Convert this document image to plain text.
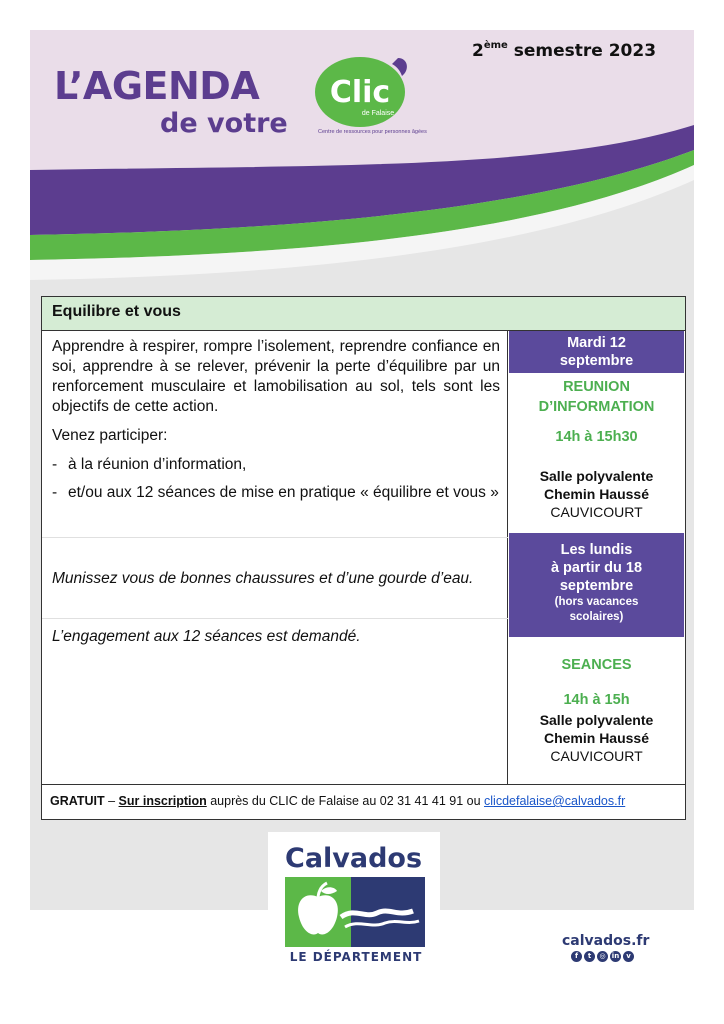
2ème semestre 2023
L’AGENDA
de votre
Clic
de Falaise
Centre de ressources pour personnes âgées
Equilibre et vous
Apprendre à respirer, rompre l’isolement, reprendre confiance en soi, apprendre à se relever, prévenir la perte d’équilibre par un renforcement musculaire et lamobilisation au sol, tels sont les objectifs de cette action.
Venez participer:
- à la réunion d’information,
- et/ou aux 12 séances de mise en pratique « équilibre et vous »
Munissez vous de bonnes chaussures et d’une gourde d’eau.
L’engagement aux 12 séances est demandé.
Mardi 12
septembre
REUNION
D’INFORMATION
14h à 15h30
Salle polyvalente
Chemin Haussé
CAUVICOURT
Les lundis
à partir du 18
septembre
(hors vacances
scolaires)
SEANCES
14h à 15h
Salle polyvalente
Chemin Haussé
CAUVICOURT
GRATUIT – Sur inscription auprès du CLIC de Falaise au 02 31 41 41 91 ou clicdefalaise@calvados.fr
Calvados
LE DÉPARTEMENT
calvados.fr
f	t	◎ in	v
